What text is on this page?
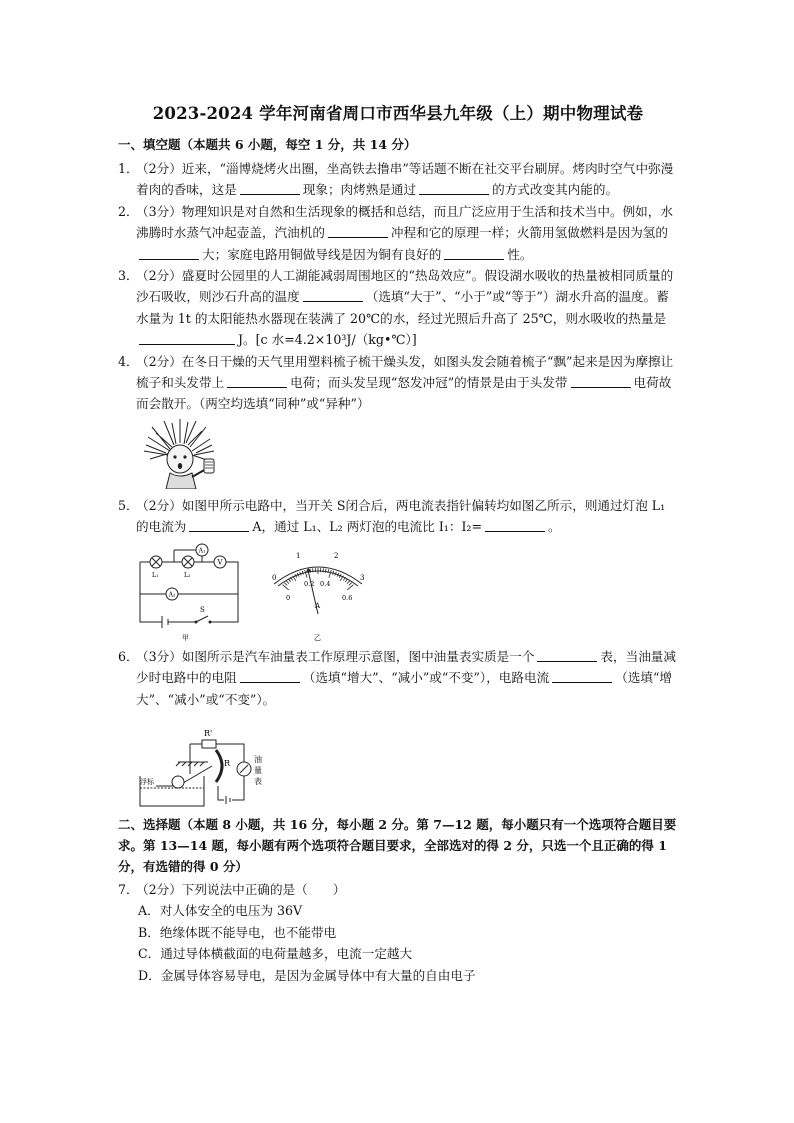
2023-2024 学年河南省周口市西华县九年级（上）期中物理试卷
一、填空题（本题共 6 小题，每空 1 分，共 14 分）
1．
（2分）近来，“淄博烧烤火出圈，坐高铁去撸串”等话题不断在社交平台刷屏。烤肉时空气中弥漫着肉的香味，这是	现象；肉烤熟是通过	的方式改变其内能的。
2．
（3分）物理知识是对自然和生活现象的概括和总结，而且广泛应用于生活和技术当中。例如，水沸腾时水蒸气冲起壶盖，汽油机的	冲程和它的原理一样；火箭用氢做燃料是因为氢的大；家庭电路用铜做导线是因为铜有良好的	性。
3．
（2分）盛夏时公园里的人工湖能减弱周围地区的“热岛效应”。假设湖水吸收的热量被相同质量的沙石吸收，则沙石升高的温度	（选填“大于”、“小于”或“等于”）湖水升高的温度。蓄水量为 1t 的太阳能热水器现在装满了 20℃的水，经过光照后升高了 25℃，则水吸收的热量是J。[c 水=4.2×10³J/（kg•℃）]
4．
（2分）在冬日干燥的天气里用塑料梳子梳干燥头发，如图头发会随着梳子“飘”起来是因为摩擦让梳子和头发带上	电荷；而头发呈现“怒发冲冠”的情景是由于头发带	电荷故而会散开。（两空均选填“同种”或“异种”）
5．
（2分）如图甲所示电路中，当开关 S闭合后，两电流表指针偏转均如图乙所示，则通过灯泡 L₁ 的电流为	A，通过 L₁、L₂ 两灯泡的电流比 I₁：I₂=	。
A₁
V
A₂
L₁	L₂
S
甲
0
1	2
3
0
0.2 0.4
0.6
A
乙
6．
（3分）如图所示是汽车油量表工作原理示意图，图中油量表实质是一个	表，当油量减少时电路中的电阻	（选填“增大”、“减小”或“不变”），电路电流	（选填“增大”、“减小”或“不变”）。
R'
R
浮标
油
量
表
二、选择题（本题 8 小题，共 16 分，每小题 2 分。第 7—12 题，每小题只有一个选项符合题目要求。第 13—14 题，每小题有两个选项符合题目要求，全部选对的得 2 分，只选一个且正确的得 1 分，有选错的得 0 分）
7．
（2分）下列说法中正确的是（　　）
A．对人体安全的电压为 36V
B．绝缘体既不能导电，也不能带电
C．通过导体横截面的电荷量越多，电流一定越大
D．金属导体容易导电，是因为金属导体中有大量的自由电子
